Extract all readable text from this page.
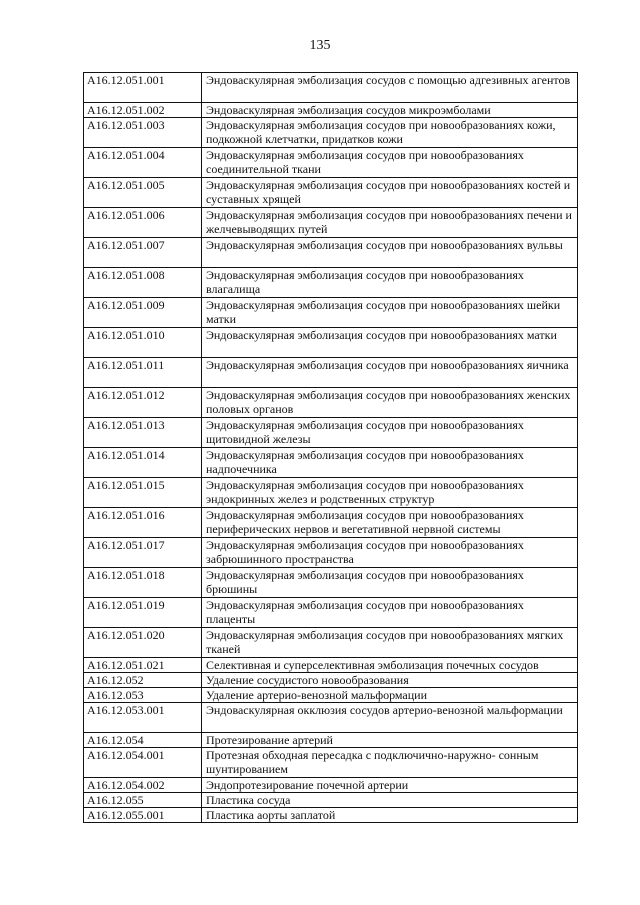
135
A16.12.051.001	Эндоваскулярная эмболизация сосудов с помощью адгезивных агентов
A16.12.051.002	Эндоваскулярная эмболизация сосудов микроэмболами
A16.12.051.003	Эндоваскулярная эмболизация сосудов при новообразованиях кожи, подкожной клетчатки, придатков кожи
A16.12.051.004	Эндоваскулярная эмболизация сосудов при новообразованиях соединительной ткани
A16.12.051.005	Эндоваскулярная эмболизация сосудов при новообразованиях костей и суставных хрящей
A16.12.051.006	Эндоваскулярная эмболизация сосудов при новообразованиях печени и желчевыводящих путей
A16.12.051.007	Эндоваскулярная эмболизация сосудов при новообразованиях вульвы
A16.12.051.008	Эндоваскулярная эмболизация сосудов при новообразованиях влагалища
A16.12.051.009	Эндоваскулярная эмболизация сосудов при новообразованиях шейки матки
A16.12.051.010	Эндоваскулярная эмболизация сосудов при новообразованиях матки
A16.12.051.011	Эндоваскулярная эмболизация сосудов при новообразованиях яичника
A16.12.051.012	Эндоваскулярная эмболизация сосудов при новообразованиях женских половых органов
A16.12.051.013	Эндоваскулярная эмболизация сосудов при новообразованиях щитовидной железы
A16.12.051.014	Эндоваскулярная эмболизация сосудов при новообразованиях надпочечника
A16.12.051.015	Эндоваскулярная эмболизация сосудов при новообразованиях эндокринных желез и родственных структур
A16.12.051.016	Эндоваскулярная эмболизация сосудов при новообразованиях периферических нервов и вегетативной нервной системы
A16.12.051.017	Эндоваскулярная эмболизация сосудов при новообразованиях забрюшинного пространства
A16.12.051.018	Эндоваскулярная эмболизация сосудов при новообразованиях брюшины
A16.12.051.019	Эндоваскулярная эмболизация сосудов при новообразованиях плаценты
A16.12.051.020	Эндоваскулярная эмболизация сосудов при новообразованиях мягких тканей
A16.12.051.021	Селективная и суперселективная эмболизация почечных сосудов
A16.12.052	Удаление сосудистого новообразования
A16.12.053	Удаление артерио-венозной мальформации
A16.12.053.001	Эндоваскулярная окклюзия сосудов артерио-венозной мальформации
A16.12.054	Протезирование артерий
A16.12.054.001	Протезная обходная пересадка с подключично-наружно- сонным шунтированием
A16.12.054.002	Эндопротезирование почечной артерии
A16.12.055	Пластика сосуда
A16.12.055.001	Пластика аорты заплатой
